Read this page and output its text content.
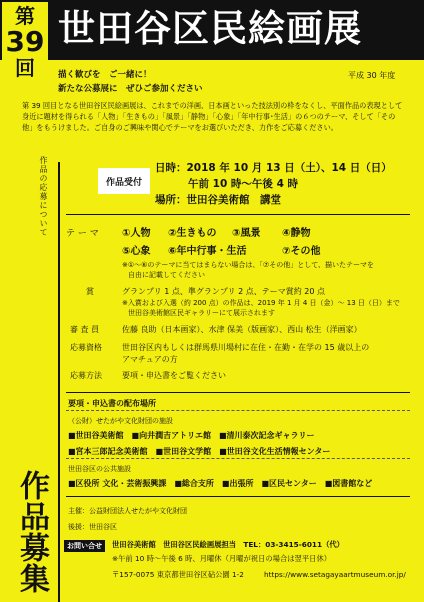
第
39
回
世田谷区民絵画展
描く歓びを　ご一緒に！
新たな公募展に　ぜひご参加ください
平成 30 年度
第 39 回目となる世田谷区民絵画展は、これまでの洋画、日本画といった技法別の枠をなくし、平面作品の表現として身近に題材を得られる「人物」「生きもの」「風景」「静物」「心象」「年中行事･生活」の６つのテーマ、そして「その他」をもうけました。ご自身のご興味や関心でテーマをお選びいただき、力作をご応募ください。
作品の応募について
作品募集
作品受付
日時：2018 年 10 月 13 日（土）、14 日（日）
午前 10 時～午後 4 時
場所：世田谷美術館　講堂
テ ー マ ①人物 ②生きもの ③風景 ④静物
⑤心象 ⑥年中行事・生活	⑦その他
※①～⑥のテーマに当てはまらない場合は、「⑦その他」として、描いたテーマを
自由に記載してください
賞	グランプリ 1 点、準グランプリ 2 点、テーマ賞約 20 点
※入賞および入選（約 200 点）の作品は、2019 年 1 月 4 日（金）～ 13 日（日）まで
世田谷美術館区民ギャラリーにて展示されます
審 査 員	佐藤 良助（日本画家）、水津 保美（版画家）、西山 松生（洋画家）
応募資格	世田谷区内もしくは群馬県川場村に在住・在勤・在学の 15 歳以上の
アマチュアの方
応募方法	要項・申込書をご覧ください
要項・申込書の配布場所
（公財）せたがや文化財団の施設
■世田谷美術館　■向井潤吉アトリエ館　■清川泰次記念ギャラリー
■宮本三郎記念美術館　■世田谷文学館　■世田谷文化生活情報センター
世田谷区の公共施設
■区役所 文化・芸術振興課　■総合支所　■出張所　■区民センター　■図書館など
主催：公益財団法人せたがや文化財団
後援：世田谷区
お問い合せ	世田谷美術館　世田谷区民絵画展担当　TEL：03-3415-6011（代）
※午前 10 時～午後 6 時、月曜休（月曜が祝日の場合は翌平日休）
〒157-0075 東京都世田谷区砧公園 1-2	https://www.setagayaartmuseum.or.jp/
